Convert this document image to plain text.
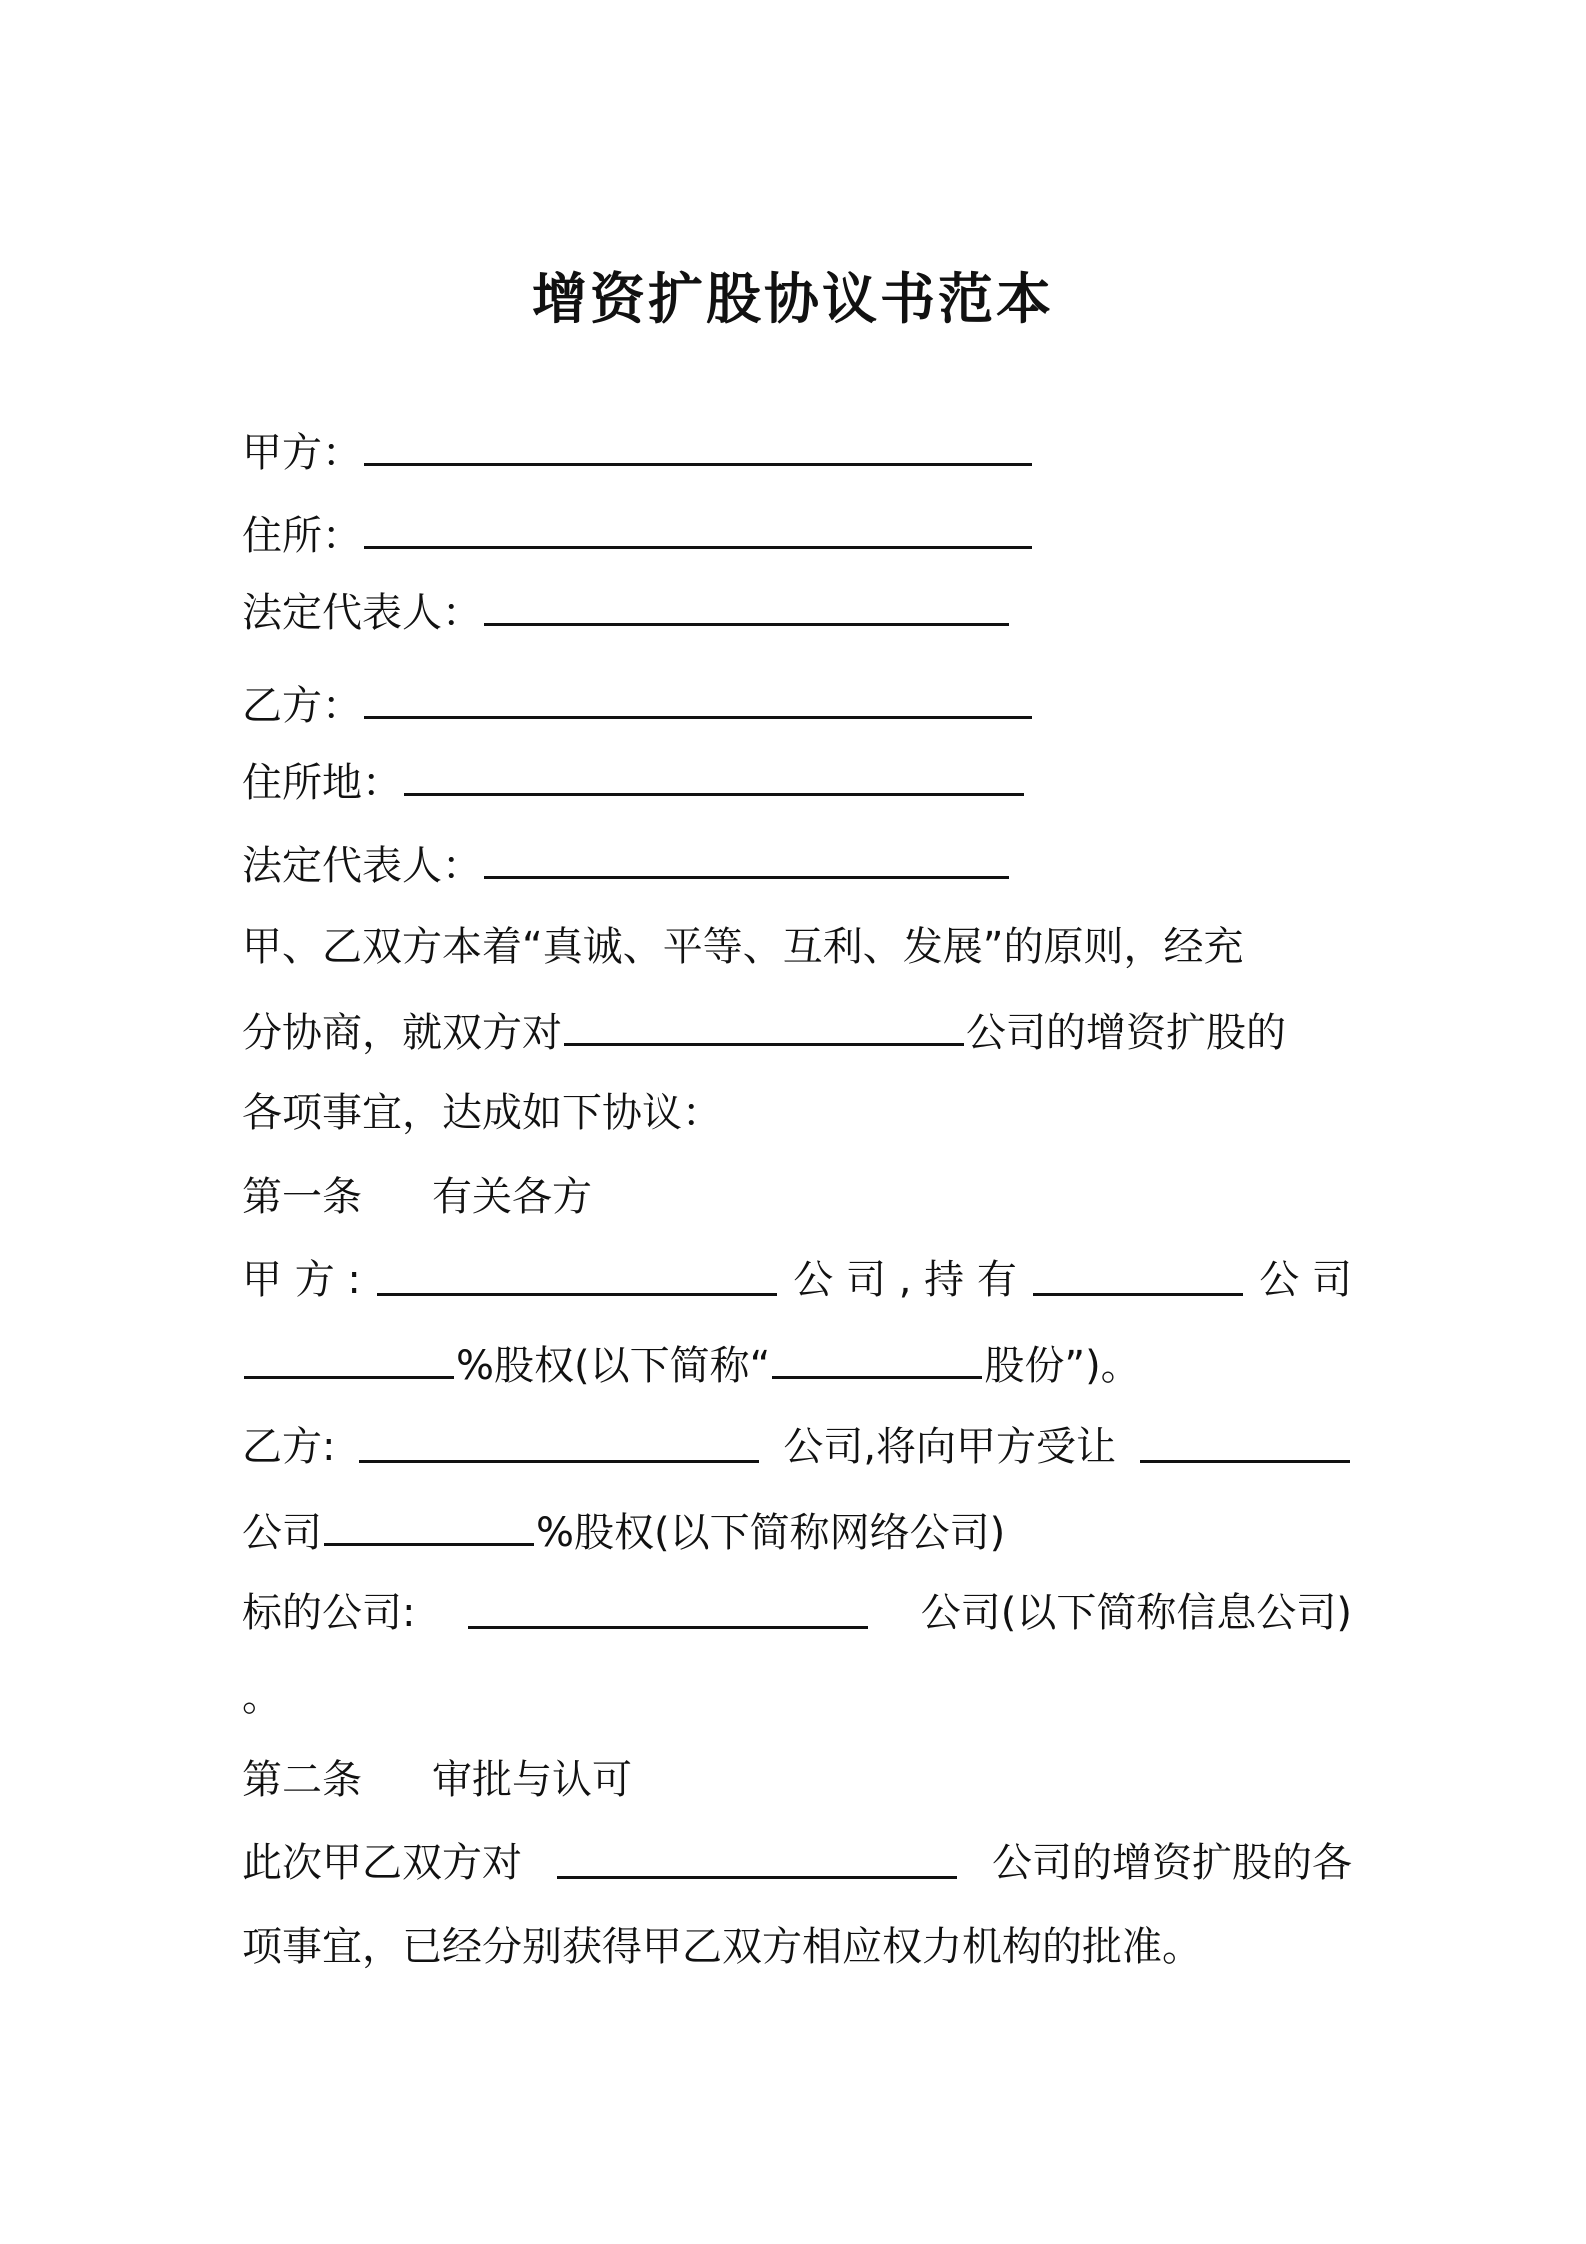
增资扩股协议书范本
甲方：
住所：
法定代表人：
乙方：
住所地：
法定代表人：
甲、乙双方本着“真诚、平等、互利、发展”的原则，经充
分协商，就双方对	公司的增资扩股的
各项事宜，达成如下协议：
第一条 有关各方
甲 方 :	公 司 , 持 有	公 司
%股权(以下简称“	股份”)。
乙方:	公司,将向甲方受让
公司	%股权(以下简称网络公司)
标的公司:	公司(以下简称信息公司)
。
第二条 审批与认可
此次甲乙双方对	公司的增资扩股的各
项事宜，已经分别获得甲乙双方相应权力机构的批准。
